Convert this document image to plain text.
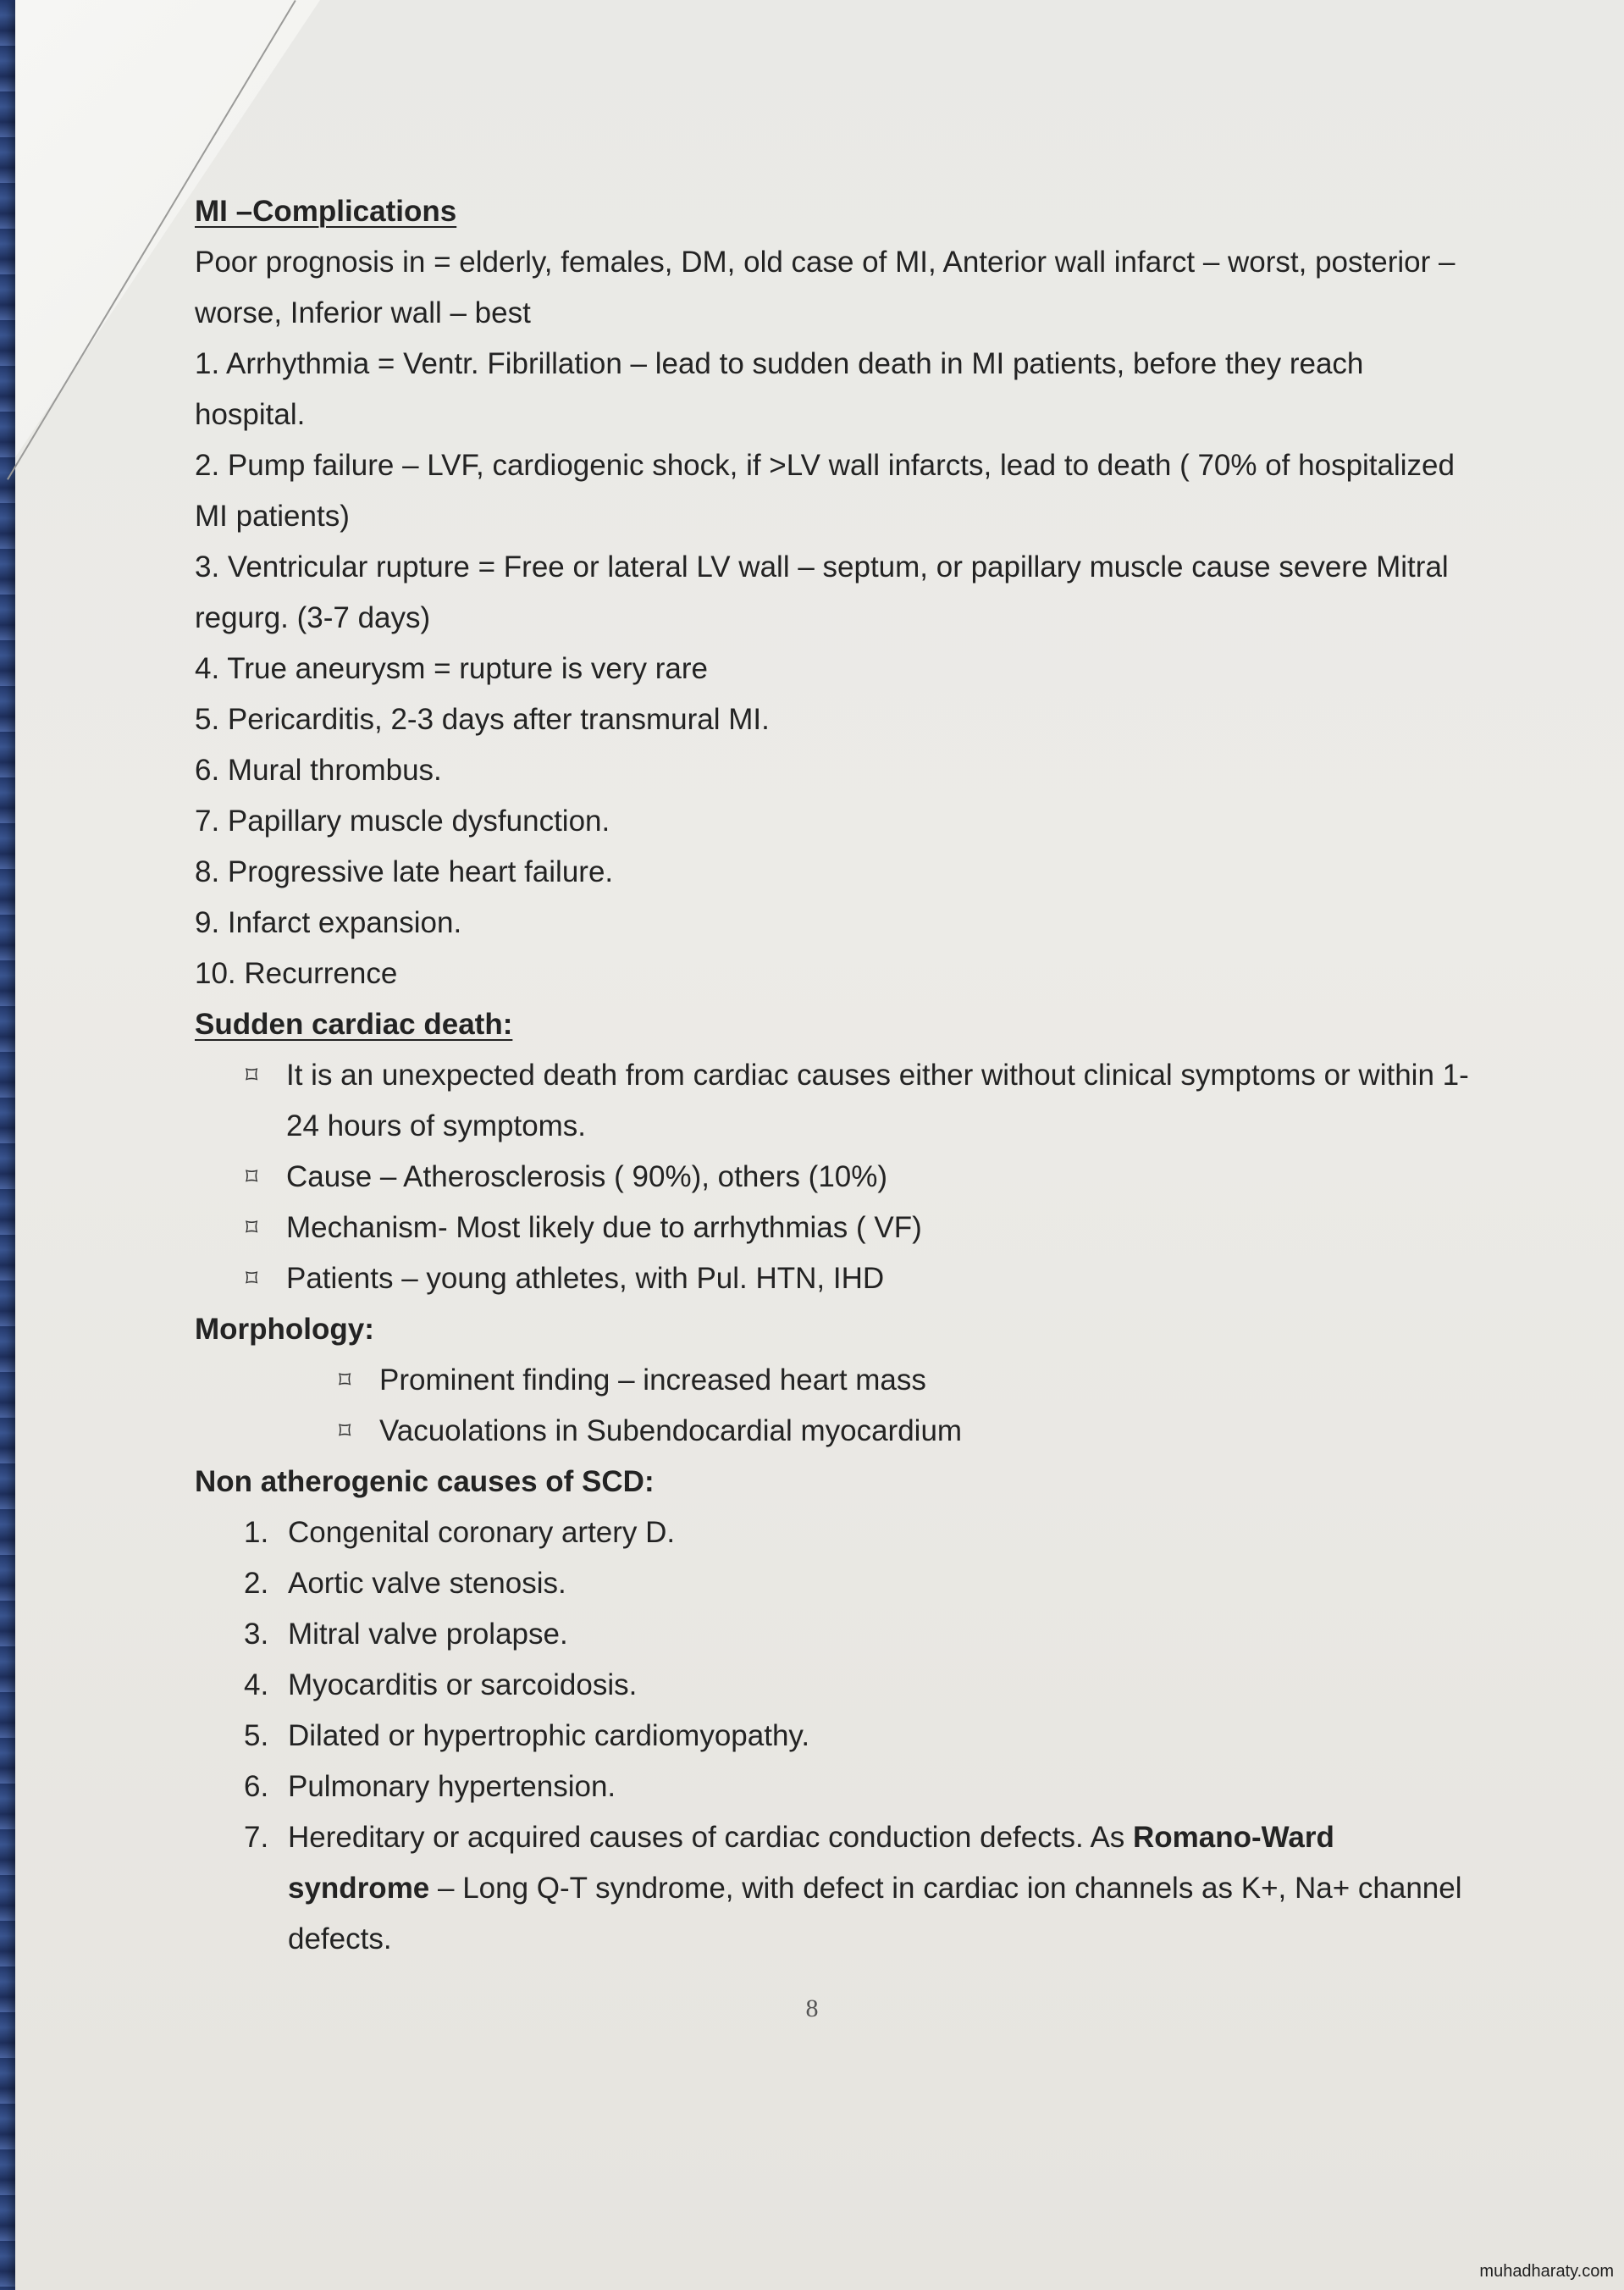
MI –Complications

Poor prognosis in = elderly, females, DM, old case of MI, Anterior wall infarct – worst, posterior –worse, Inferior wall – best

1. Arrhythmia = Ventr. Fibrillation – lead to sudden death in MI patients, before they reach hospital.
2. Pump failure – LVF, cardiogenic shock, if >LV wall infarcts, lead to death ( 70% of hospitalized MI patients)
3. Ventricular rupture = Free or lateral LV wall – septum, or papillary muscle cause severe Mitral regurg. (3-7 days)
4. True aneurysm = rupture is very rare
5. Pericarditis, 2-3 days after transmural MI.
6. Mural thrombus.
7. Papillary muscle dysfunction.
8. Progressive late heart failure.
9. Infarct expansion.
10. Recurrence

Sudden cardiac death:

⌑ It is an unexpected death from cardiac causes either without clinical symptoms or within 1-24 hours of symptoms.
⌑ Cause – Atherosclerosis ( 90%), others (10%)
⌑ Mechanism- Most likely due to arrhythmias ( VF)
⌑ Patients – young athletes, with Pul. HTN, IHD

Morphology:

⌑ Prominent finding – increased heart mass
⌑ Vacuolations in Subendocardial myocardium

Non atherogenic causes of SCD:

1. Congenital coronary artery D.
2. Aortic valve stenosis.
3. Mitral valve prolapse.
4. Myocarditis or sarcoidosis.
5. Dilated or hypertrophic cardiomyopathy.
6. Pulmonary hypertension.
7. Hereditary or acquired causes of cardiac conduction defects. As Romano-Ward syndrome – Long Q-T syndrome, with defect in cardiac ion channels as K+, Na+ channel defects.
8
muhadharaty.com
